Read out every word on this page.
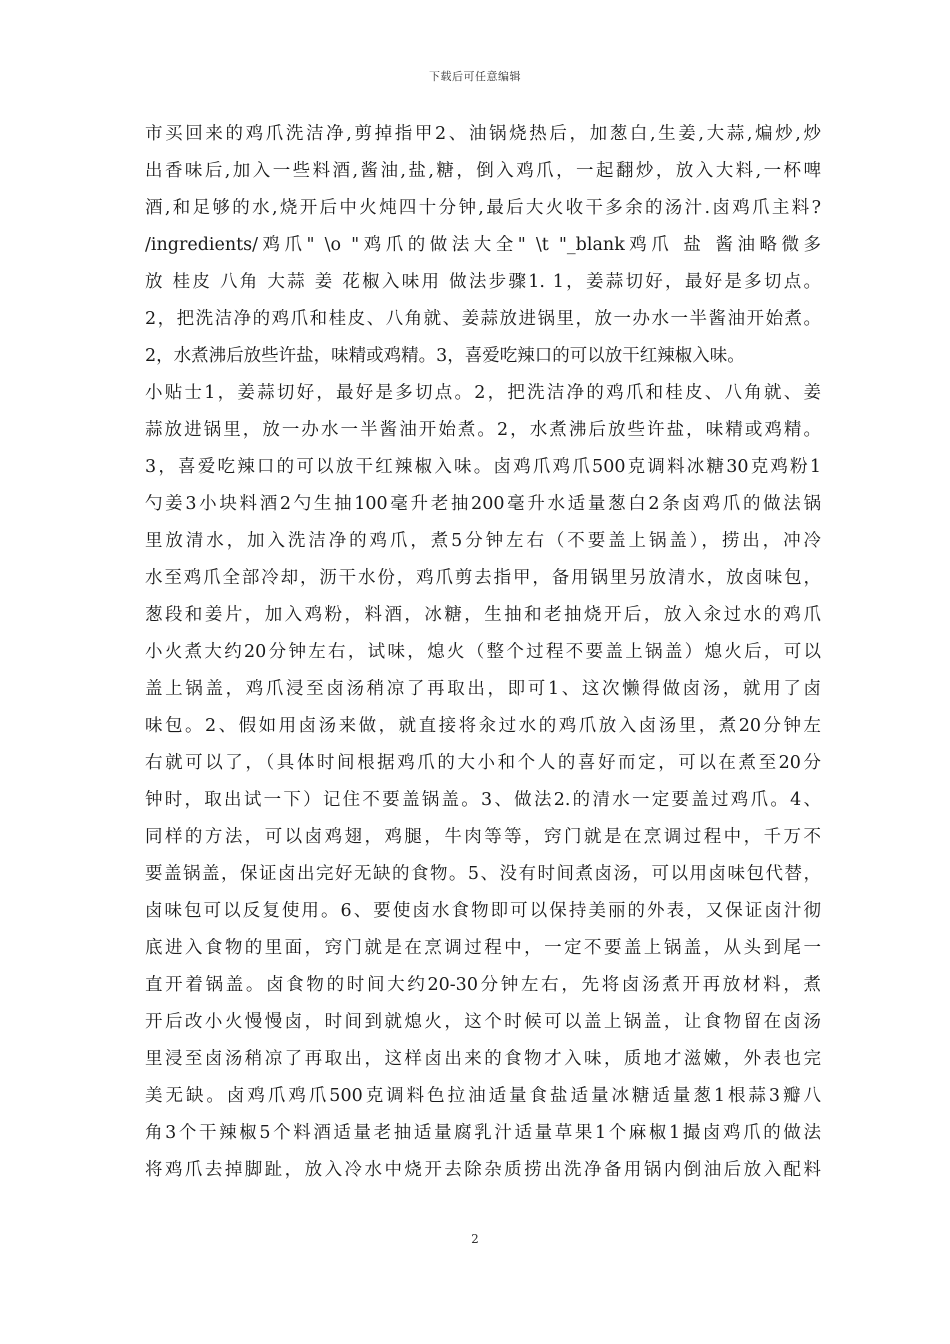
下载后可任意编辑
市买回来的鸡爪洗洁净,剪掉指甲2、油锅烧热后，加葱白,生姜,大蒜,煸炒,炒
出香味后,加入一些料酒,酱油,盐,糖，倒入鸡爪，一起翻炒，放入大料,一杯啤
酒,和足够的水,烧开后中火炖四十分钟,最后大火收干多余的汤汁.卤鸡爪主料?
/ingredients/鸡爪" \o "鸡爪的做法大全" \t "_blank鸡爪 盐 酱油略微多
放 桂皮 八角 大蒜 姜 花椒入味用 做法步骤1. 1，姜蒜切好，最好是多切点。
2，把洗洁净的鸡爪和桂皮、八角就、姜蒜放进锅里，放一办水一半酱油开始煮。
2，水煮沸后放些许盐，味精或鸡精。3，喜爱吃辣口的可以放干红辣椒入味。
小贴士1，姜蒜切好，最好是多切点。2，把洗洁净的鸡爪和桂皮、八角就、姜
蒜放进锅里，放一办水一半酱油开始煮。2，水煮沸后放些许盐，味精或鸡精。
3，喜爱吃辣口的可以放干红辣椒入味。卤鸡爪鸡爪500克调料冰糖30克鸡粉1
勺姜3小块料酒2勺生抽100毫升老抽200毫升水适量葱白2条卤鸡爪的做法锅
里放清水，加入洗洁净的鸡爪，煮5分钟左右（不要盖上锅盖），捞出，冲冷
水至鸡爪全部冷却，沥干水份，鸡爪剪去指甲，备用锅里另放清水，放卤味包，
葱段和姜片，加入鸡粉，料酒，冰糖，生抽和老抽烧开后，放入汆过水的鸡爪
小火煮大约20分钟左右，试味，熄火（整个过程不要盖上锅盖）熄火后，可以
盖上锅盖，鸡爪浸至卤汤稍凉了再取出，即可1、这次懒得做卤汤，就用了卤
味包。2、假如用卤汤来做，就直接将汆过水的鸡爪放入卤汤里，煮20分钟左
右就可以了，（具体时间根据鸡爪的大小和个人的喜好而定，可以在煮至20分
钟时，取出试一下）记住不要盖锅盖。3、做法2.的清水一定要盖过鸡爪。4、
同样的方法，可以卤鸡翅，鸡腿，牛肉等等，窍门就是在烹调过程中，千万不
要盖锅盖，保证卤出完好无缺的食物。5、没有时间煮卤汤，可以用卤味包代替，
卤味包可以反复使用。6、要使卤水食物即可以保持美丽的外表，又保证卤汁彻
底进入食物的里面，窍门就是在烹调过程中，一定不要盖上锅盖，从头到尾一
直开着锅盖。卤食物的时间大约20-30分钟左右，先将卤汤煮开再放材料，煮
开后改小火慢慢卤，时间到就熄火，这个时候可以盖上锅盖，让食物留在卤汤
里浸至卤汤稍凉了再取出，这样卤出来的食物才入味，质地才滋嫩，外表也完
美无缺。卤鸡爪鸡爪500克调料色拉油适量食盐适量冰糖适量葱1根蒜3瓣八
角3个干辣椒5个料酒适量老抽适量腐乳汁适量草果1个麻椒1撮卤鸡爪的做法
将鸡爪去掉脚趾，放入冷水中烧开去除杂质捞出洗净备用锅内倒油后放入配料
2
